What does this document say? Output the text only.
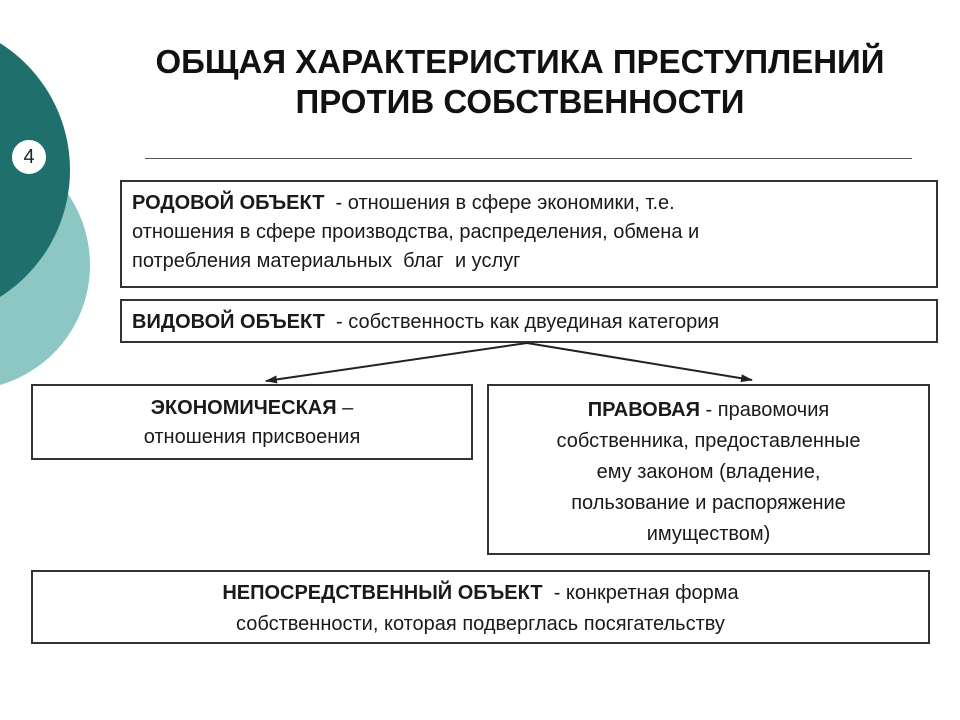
4
ОБЩАЯ ХАРАКТЕРИСТИКА ПРЕСТУПЛЕНИЙ
ПРОТИВ СОБСТВЕННОСТИ
РОДОВОЙ ОБЪЕКТ  - отношения в сфере экономики, т.е.
отношения в сфере производства, распределения, обмена и
потребления материальных  благ  и услуг
ВИДОВОЙ ОБЪЕКТ  - собственность как двуединая категория
ЭКОНОМИЧЕСКАЯ –
отношения присвоения
ПРАВОВАЯ - правомочия
собственника, предоставленные
ему законом (владение,
пользование и распоряжение
имуществом)
НЕПОСРЕДСТВЕННЫЙ ОБЪЕКТ  - конкретная форма
собственности, которая подверглась посягательству
